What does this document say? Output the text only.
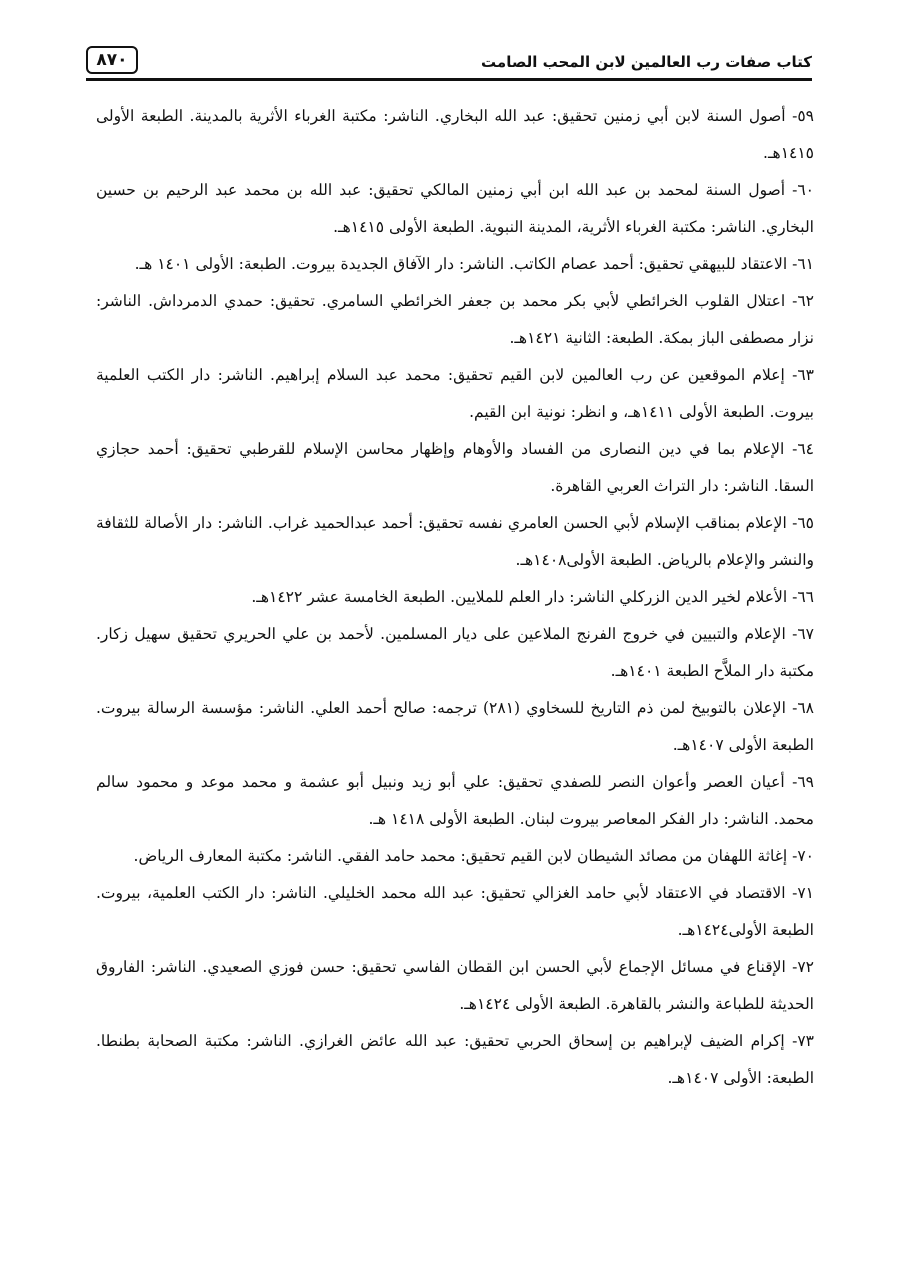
٨٧٠	كتاب صفات رب العالمين لابن المحب الصامت

٥٩- أصول السنة لابن أبي زمنين تحقيق: عبد الله البخاري. الناشر: مكتبة الغرباء الأثرية بالمدينة. الطبعة الأولى ١٤١٥هـ.

٦٠- أصول السنة لمحمد بن عبد الله ابن أبي زمنين المالكي تحقيق: عبد الله بن محمد عبد الرحيم بن حسين البخاري. الناشر: مكتبة الغرباء الأثرية، المدينة النبوية. الطبعة الأولى ١٤١٥هـ.

٦١- الاعتقاد للبيهقي تحقيق: أحمد عصام الكاتب. الناشر: دار الآفاق الجديدة بيروت. الطبعة: الأولى ١٤٠١ هـ.

٦٢- اعتلال القلوب الخرائطي لأبي بكر محمد بن جعفر الخرائطي السامري. تحقيق: حمدي الدمرداش. الناشر: نزار مصطفى الباز بمكة. الطبعة: الثانية ١٤٢١هـ.

٦٣- إعلام الموقعين عن رب العالمين لابن القيم تحقيق: محمد عبد السلام إبراهيم. الناشر: دار الكتب العلمية بيروت. الطبعة الأولى ١٤١١هـ، و انظر: نونية ابن القيم.

٦٤- الإعلام بما في دين النصارى من الفساد والأوهام وإظهار محاسن الإسلام للقرطبي تحقيق: أحمد حجازي السقا. الناشر: دار التراث العربي القاهرة.

٦٥- الإعلام بمناقب الإسلام لأبي الحسن العامري نفسه تحقيق: أحمد عبدالحميد غراب. الناشر: دار الأصالة للثقافة والنشر والإعلام بالرياض. الطبعة الأولى١٤٠٨هـ.

٦٦- الأعلام لخير الدين الزركلي الناشر: دار العلم للملايين. الطبعة الخامسة عشر ١٤٢٢هـ.

٦٧- الإعلام والتبيين في خروج الفرنج الملاعين على ديار المسلمين. لأحمد بن علي الحريري تحقيق سهيل زكار. مكتبة دار الملاَّح الطبعة ١٤٠١هـ.

٦٨- الإعلان بالتوبيخ لمن ذم التاريخ للسخاوي (٢٨١) ترجمه: صالح أحمد العلي. الناشر: مؤسسة الرسالة بيروت. الطبعة الأولى ١٤٠٧هـ.

٦٩- أعيان العصر وأعوان النصر للصفدي تحقيق: علي أبو زيد ونبيل أبو عشمة و محمد موعد و محمود سالم محمد. الناشر: دار الفكر المعاصر بيروت لبنان. الطبعة الأولى ١٤١٨ هـ.

٧٠- إغاثة اللهفان من مصائد الشيطان لابن القيم تحقيق: محمد حامد الفقي. الناشر: مكتبة المعارف الرياض.

٧١- الاقتصاد في الاعتقاد لأبي حامد الغزالي تحقيق: عبد الله محمد الخليلي. الناشر: دار الكتب العلمية، بيروت. الطبعة الأولى١٤٢٤هـ.

٧٢- الإقناع في مسائل الإجماع لأبي الحسن ابن القطان الفاسي تحقيق: حسن فوزي الصعيدي. الناشر: الفاروق الحديثة للطباعة والنشر بالقاهرة. الطبعة الأولى ١٤٢٤هـ.

٧٣- إكرام الضيف لإبراهيم بن إسحاق الحربي تحقيق: عبد الله عائض الغرازي. الناشر: مكتبة الصحابة بطنطا. الطبعة: الأولى ١٤٠٧هـ.
